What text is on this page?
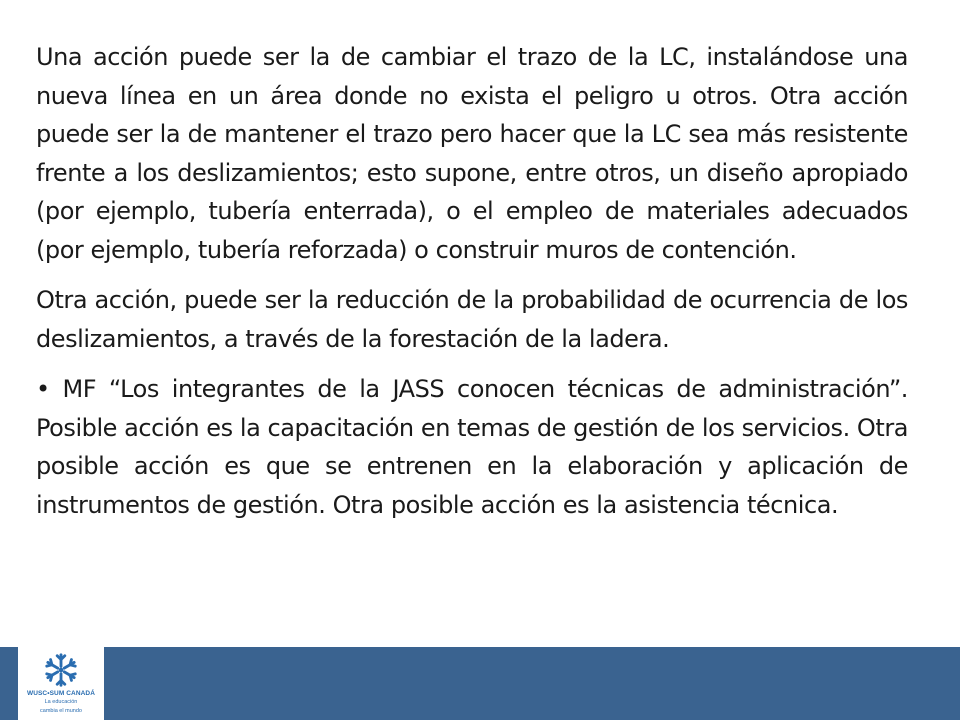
Una acción puede ser la de cambiar el trazo de la LC, instalándose una nueva línea en un área donde no exista el peligro u otros. Otra acción puede ser la de mantener el trazo pero hacer que la LC sea más resistente frente a los deslizamientos; esto supone, entre otros, un diseño apropiado (por ejemplo, tubería enterrada), o el empleo de materiales adecuados (por ejemplo, tubería reforzada) o construir muros de contención.

Otra acción, puede ser la reducción de la probabilidad de ocurrencia de los deslizamientos, a través de la forestación de la ladera.

• MF “Los integrantes de la JASS conocen técnicas de administración”. Posible acción es la capacitación en temas de gestión de los servicios. Otra posible acción es que se entrenen en la elaboración y aplicación de instrumentos de gestión. Otra posible acción es la asistencia técnica.

WUSC•SUM CANADÁ
La educación
cambia el mundo
